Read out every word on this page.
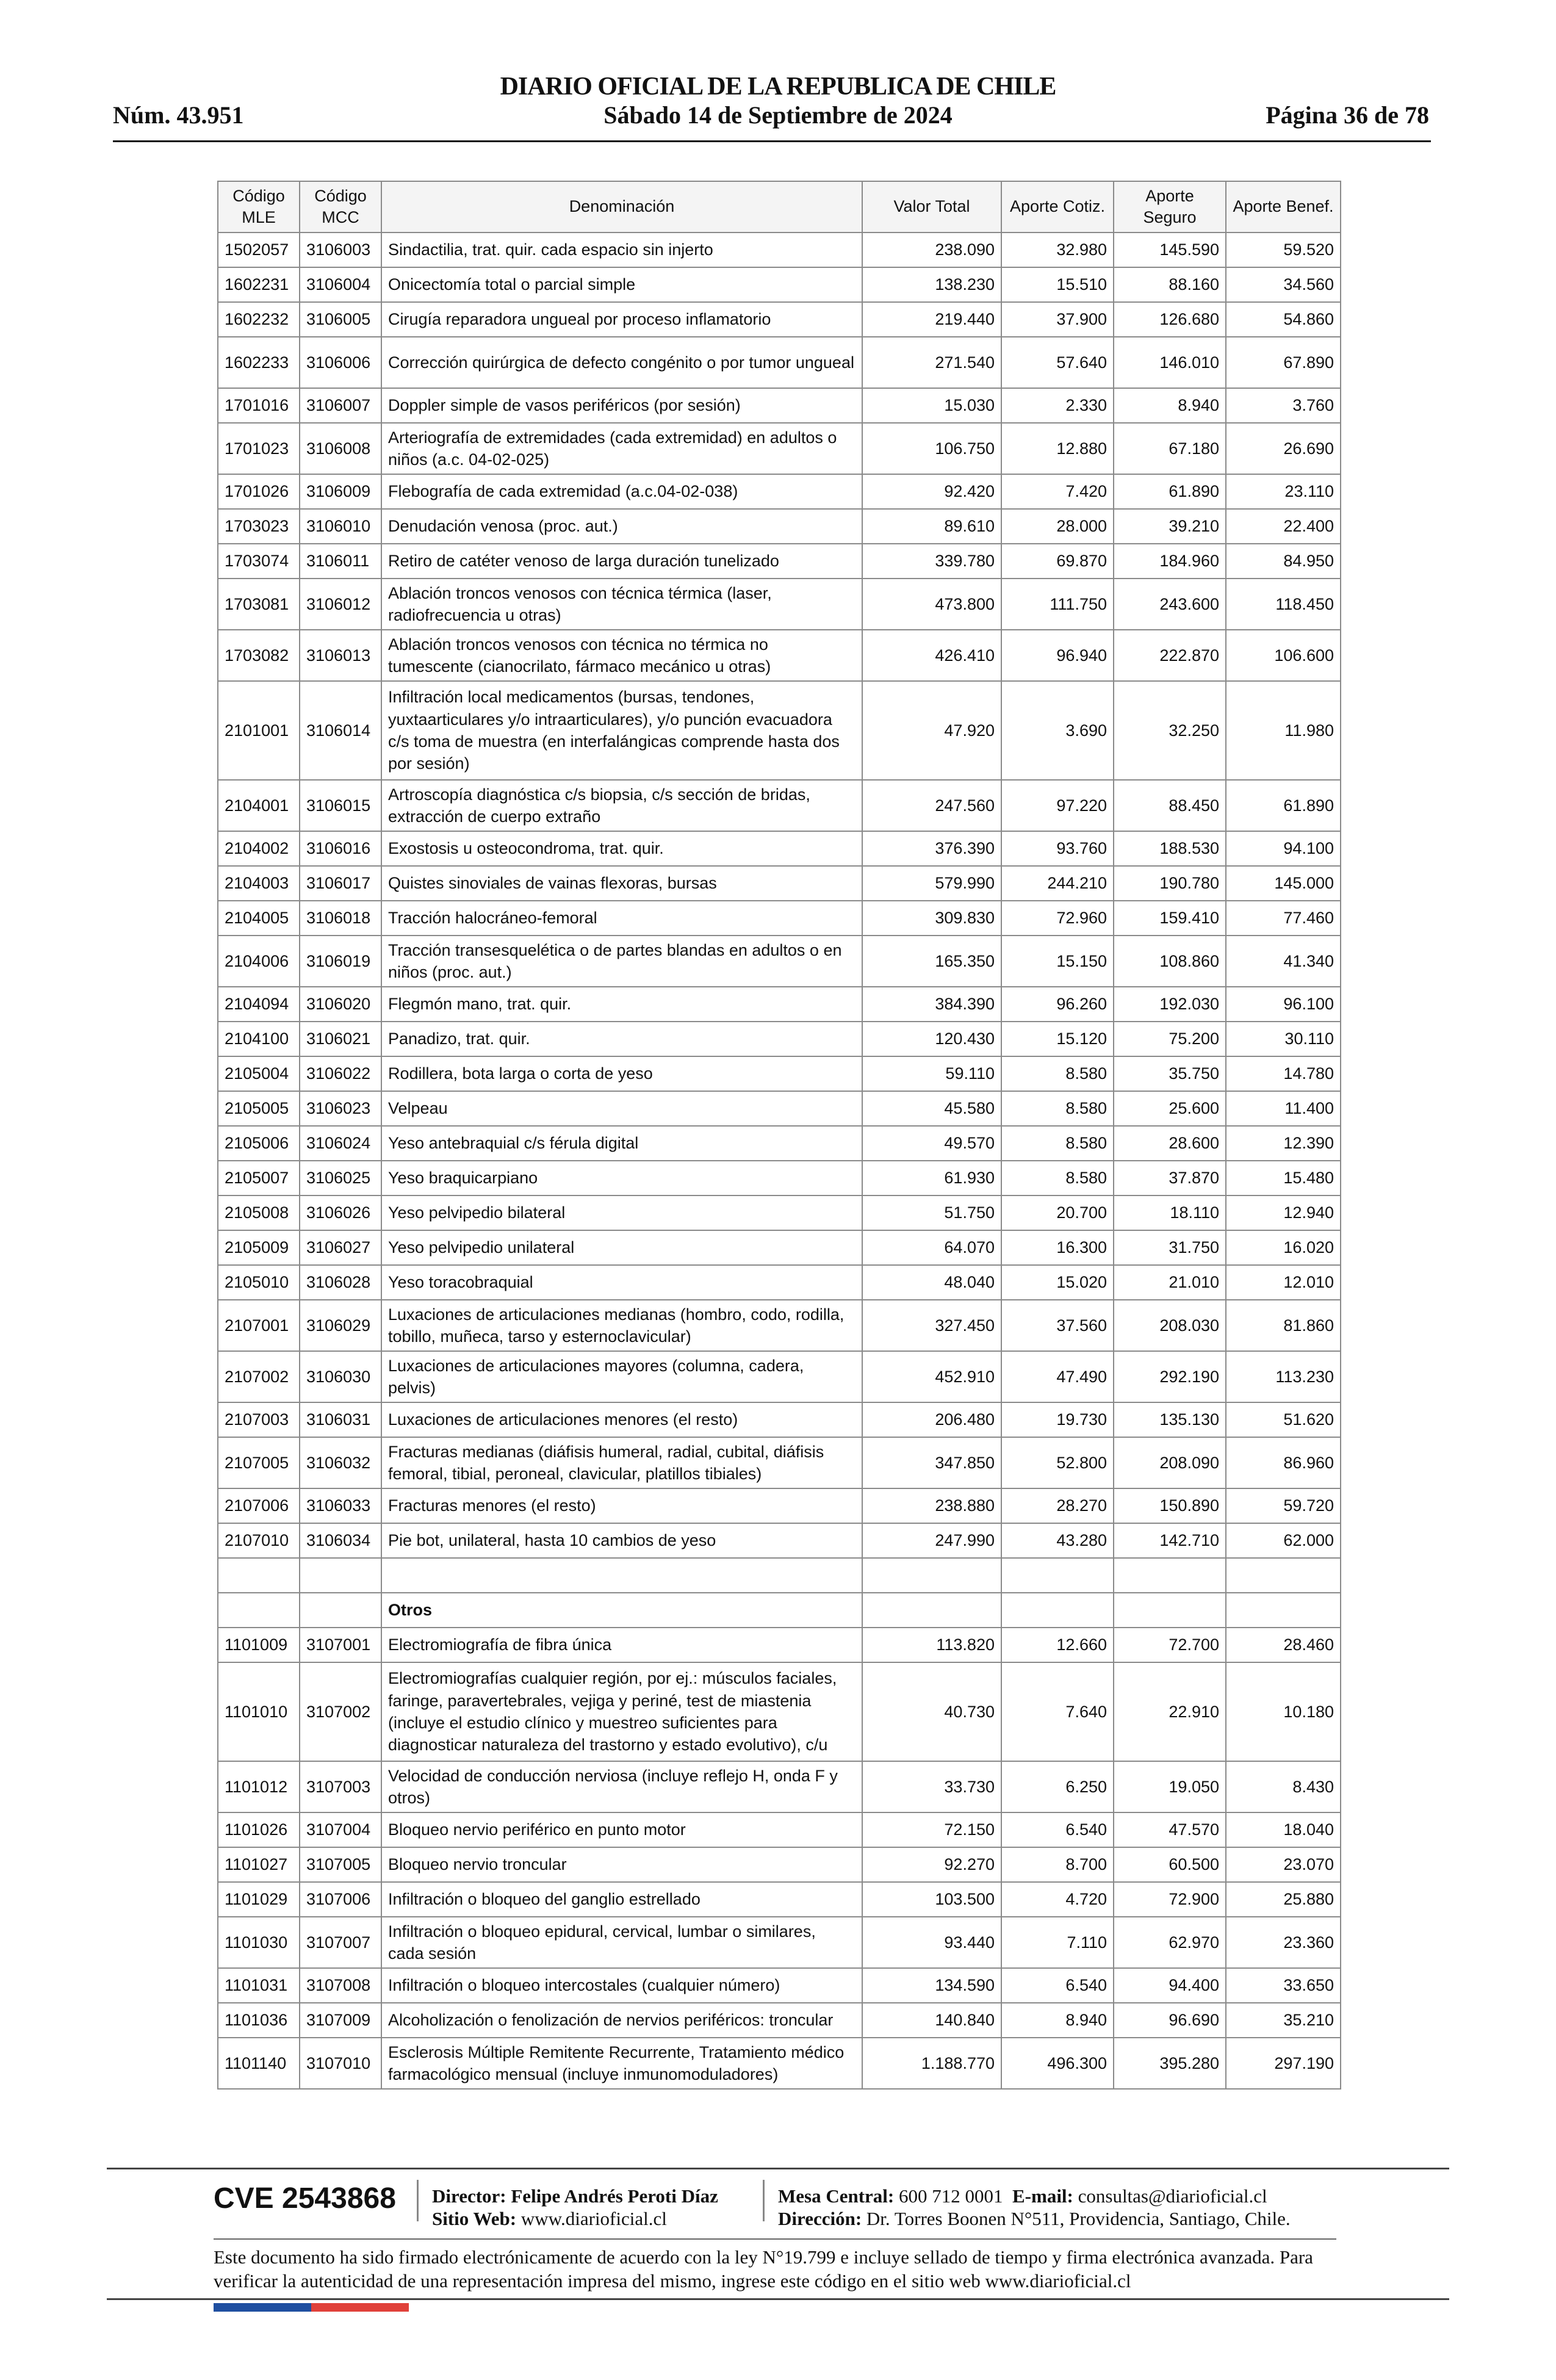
DIARIO OFICIAL DE LA REPUBLICA DE CHILE
Núm. 43.951	Sábado 14 de Septiembre de 2024	Página 36 de 78
Código MLE	Código MCC	Denominación	Valor Total	Aporte Cotiz.	Aporte Seguro	Aporte Benef.
1502057	3106003	Sindactilia, trat. quir. cada espacio sin injerto	238.090	32.980	145.590	59.520
1602231	3106004	Onicectomía total o parcial simple	138.230	15.510	88.160	34.560
1602232	3106005	Cirugía reparadora ungueal por proceso inflamatorio	219.440	37.900	126.680	54.860
1602233	3106006	Corrección quirúrgica de defecto congénito o por tumor ungueal	271.540	57.640	146.010	67.890
1701016	3106007	Doppler simple de vasos periféricos (por sesión)	15.030	2.330	8.940	3.760
1701023	3106008	Arteriografía de extremidades (cada extremidad) en adultos o niños (a.c. 04-02-025)	106.750	12.880	67.180	26.690
1701026	3106009	Flebografía de cada extremidad (a.c.04-02-038)	92.420	7.420	61.890	23.110
1703023	3106010	Denudación venosa (proc. aut.)	89.610	28.000	39.210	22.400
1703074	3106011	Retiro de catéter venoso de larga duración tunelizado	339.780	69.870	184.960	84.950
1703081	3106012	Ablación troncos venosos con técnica térmica (laser, radiofrecuencia u otras)	473.800	111.750	243.600	118.450
1703082	3106013	Ablación troncos venosos con técnica no térmica no tumescente (cianocrilato, fármaco mecánico u otras)	426.410	96.940	222.870	106.600
2101001	3106014	Infiltración local medicamentos (bursas, tendones, yuxtaarticulares y/o intraarticulares), y/o punción evacuadora c/s toma de muestra (en interfalángicas comprende hasta dos por sesión)	47.920	3.690	32.250	11.980
2104001	3106015	Artroscopía diagnóstica c/s biopsia, c/s sección de bridas, extracción de cuerpo extraño	247.560	97.220	88.450	61.890
2104002	3106016	Exostosis u osteocondroma, trat. quir.	376.390	93.760	188.530	94.100
2104003	3106017	Quistes sinoviales de vainas flexoras, bursas	579.990	244.210	190.780	145.000
2104005	3106018	Tracción halocráneo-femoral	309.830	72.960	159.410	77.460
2104006	3106019	Tracción transesquelética o de partes blandas en adultos o en niños (proc. aut.)	165.350	15.150	108.860	41.340
2104094	3106020	Flegmón mano, trat. quir.	384.390	96.260	192.030	96.100
2104100	3106021	Panadizo, trat. quir.	120.430	15.120	75.200	30.110
2105004	3106022	Rodillera, bota larga o corta de yeso	59.110	8.580	35.750	14.780
2105005	3106023	Velpeau	45.580	8.580	25.600	11.400
2105006	3106024	Yeso antebraquial c/s férula digital	49.570	8.580	28.600	12.390
2105007	3106025	Yeso braquicarpiano	61.930	8.580	37.870	15.480
2105008	3106026	Yeso pelvipedio bilateral	51.750	20.700	18.110	12.940
2105009	3106027	Yeso pelvipedio unilateral	64.070	16.300	31.750	16.020
2105010	3106028	Yeso toracobraquial	48.040	15.020	21.010	12.010
2107001	3106029	Luxaciones de articulaciones medianas (hombro, codo, rodilla, tobillo, muñeca, tarso y esternoclavicular)	327.450	37.560	208.030	81.860
2107002	3106030	Luxaciones de articulaciones mayores (columna, cadera, pelvis)	452.910	47.490	292.190	113.230
2107003	3106031	Luxaciones de articulaciones menores (el resto)	206.480	19.730	135.130	51.620
2107005	3106032	Fracturas medianas (diáfisis humeral, radial, cubital, diáfisis femoral, tibial, peroneal, clavicular, platillos tibiales)	347.850	52.800	208.090	86.960
2107006	3106033	Fracturas menores (el resto)	238.880	28.270	150.890	59.720
2107010	3106034	Pie bot, unilateral, hasta 10 cambios de yeso	247.990	43.280	142.710	62.000

		Otros				
1101009	3107001	Electromiografía de fibra única	113.820	12.660	72.700	28.460
1101010	3107002	Electromiografías cualquier región, por ej.: músculos faciales, faringe, paravertebrales, vejiga y periné, test de miastenia (incluye el estudio clínico y muestreo suficientes para diagnosticar naturaleza del trastorno y estado evolutivo), c/u	40.730	7.640	22.910	10.180
1101012	3107003	Velocidad de conducción nerviosa (incluye reflejo H, onda F y otros)	33.730	6.250	19.050	8.430
1101026	3107004	Bloqueo nervio periférico en punto motor	72.150	6.540	47.570	18.040
1101027	3107005	Bloqueo nervio troncular	92.270	8.700	60.500	23.070
1101029	3107006	Infiltración o bloqueo del ganglio estrellado	103.500	4.720	72.900	25.880
1101030	3107007	Infiltración o bloqueo epidural, cervical, lumbar o similares, cada sesión	93.440	7.110	62.970	23.360
1101031	3107008	Infiltración o bloqueo intercostales (cualquier número)	134.590	6.540	94.400	33.650
1101036	3107009	Alcoholización o fenolización de nervios periféricos: troncular	140.840	8.940	96.690	35.210
1101140	3107010	Esclerosis Múltiple Remitente Recurrente, Tratamiento médico farmacológico mensual (incluye inmunomoduladores)	1.188.770	496.300	395.280	297.190
CVE 2543868 Director: Felipe Andrés Peroti Díaz
Sitio Web: www.diarioficial.cl
Mesa Central: 600 712 0001 E-mail: consultas@diarioficial.cl
Dirección: Dr. Torres Boonen N°511, Providencia, Santiago, Chile.
Este documento ha sido firmado electrónicamente de acuerdo con la ley N°19.799 e incluye sellado de tiempo y firma electrónica avanzada. Para verificar la autenticidad de una representación impresa del mismo, ingrese este código en el sitio web www.diarioficial.cl
